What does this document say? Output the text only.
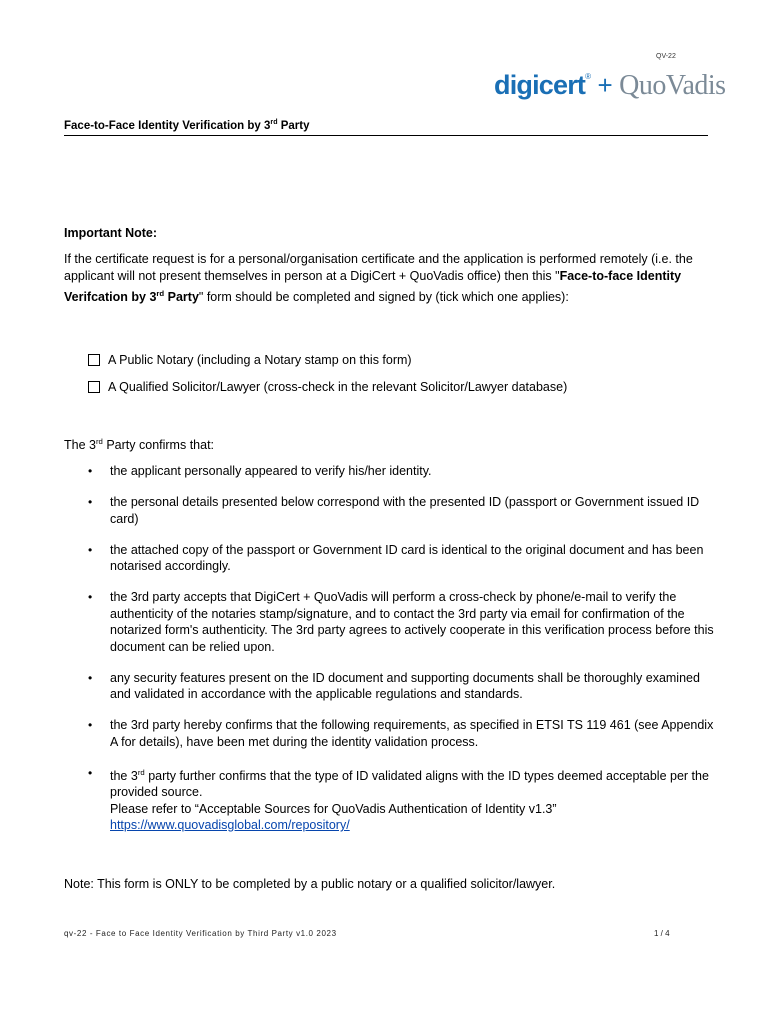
QV-22
digicert® + QuoVadis
Face-to-Face Identity Verification by 3rd Party
Important Note:
If the certificate request is for a personal/organisation certificate and the application is performed remotely (i.e. the applicant will not present themselves in person at a DigiCert + QuoVadis office) then this "Face-to-face Identity Verifcation by 3rd Party" form should be completed and signed by (tick which one applies):
A Public Notary (including a Notary stamp on this form)
A Qualified Solicitor/Lawyer (cross-check in the relevant Solicitor/Lawyer database)
The 3rd Party confirms that:
• the applicant personally appeared to verify his/her identity.
• the personal details presented below correspond with the presented ID (passport or Government issued ID card)
• the attached copy of the passport or Government ID card is identical to the original document and has been notarised accordingly.
• the 3rd party accepts that DigiCert + QuoVadis will perform a cross-check by phone/e-mail to verify the authenticity of the notaries stamp/signature, and to contact the 3rd party via email for confirmation of the notarized form's authenticity. The 3rd party agrees to actively cooperate in this verification process before this document can be relied upon.
• any security features present on the ID document and supporting documents shall be thoroughly examined and validated in accordance with the applicable regulations and standards.
• the 3rd party hereby confirms that the following requirements, as specified in ETSI TS 119 461 (see Appendix A for details), have been met during the identity validation process.
• the 3rd party further confirms that the type of ID validated aligns with the ID types deemed acceptable per the provided source.
Please refer to “Acceptable Sources for QuoVadis Authentication of Identity v1.3”
https://www.quovadisglobal.com/repository/
Note: This form is ONLY to be completed by a public notary or a qualified solicitor/lawyer.
qv-22 - Face to Face Identity Verification by Third Party v1.0 2023	1 / 4
